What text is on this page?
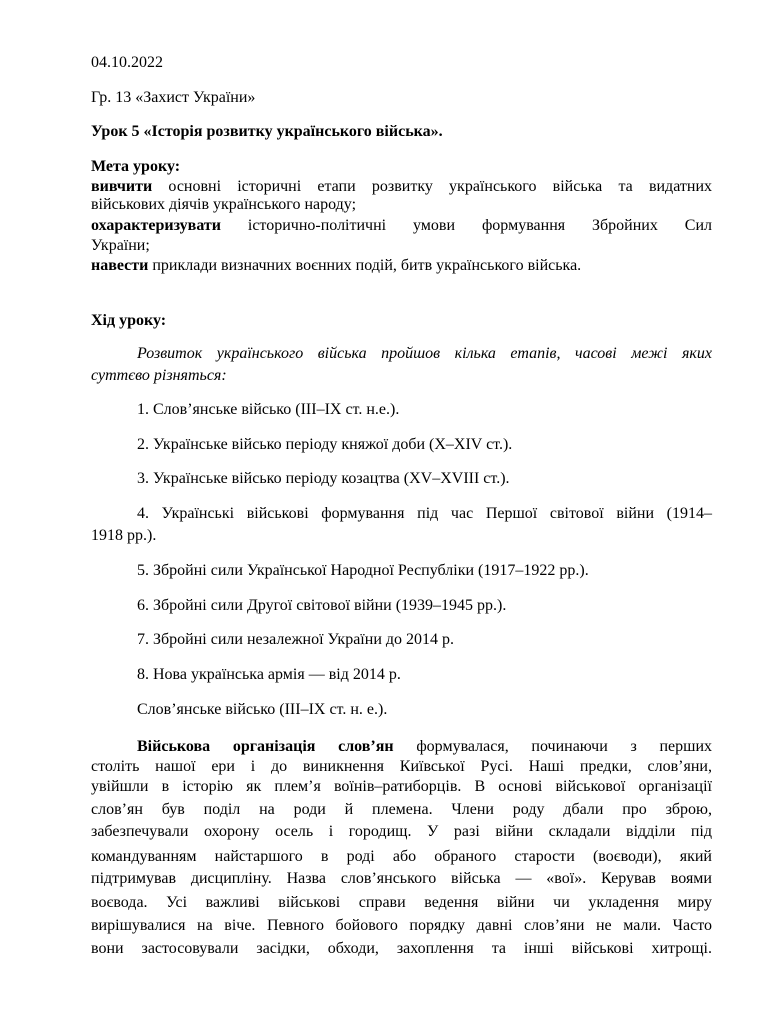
04.10.2022
Гр. 13 «Захист України»
Урок 5 «Історія розвитку українського війська».
Мета уроку:
вивчити основні історичні етапи розвитку українського війська та видатних
військових діячів українського народу;
охарактеризувати історично-політичні умови формування Збройних Сил
України;
навести приклади визначних воєнних подій, битв українського війська.
Хід уроку:
Розвиток українського війська пройшов кілька етапів, часові межі яких
суттєво різняться:
1. Слов’янське військо (III–IX ст. н.е.).
2. Українське військо періоду княжої доби (X–XIV ст.).
3. Українське військо періоду козацтва (XV–XVIII ст.).
4. Українські військові формування під час Першої світової війни (1914–
1918 рр.).
5. Збройні сили Української Народної Республіки (1917–1922 рр.).
6. Збройні сили Другої світової війни (1939–1945 рр.).
7. Збройні сили незалежної України до 2014 р.
8. Нова українська армія — від 2014 р.
Слов’янське військо (III–IX ст. н. е.).
Військова організація слов’ян формувалася, починаючи з перших
століть нашої ери і до виникнення Київської Русі. Наші предки, слов’яни,
увійшли в історію як плем’я воїнів–ратиборців. В основі військової організації
слов’ян був поділ на роди й племена. Члени роду дбали про зброю,
забезпечували охорону осель і городищ. У разі війни складали відділи під
командуванням найстаршого в роді або обраного старости (воєводи), який
підтримував дисципліну. Назва слов’янського війська — «вої». Керував воями
воєвода. Усі важливі військові справи ведення війни чи укладення миру
вирішувалися на віче. Певного бойового порядку давні слов’яни не мали. Часто
вони застосовували засідки, обходи, захоплення та інші військові хитрощі.
